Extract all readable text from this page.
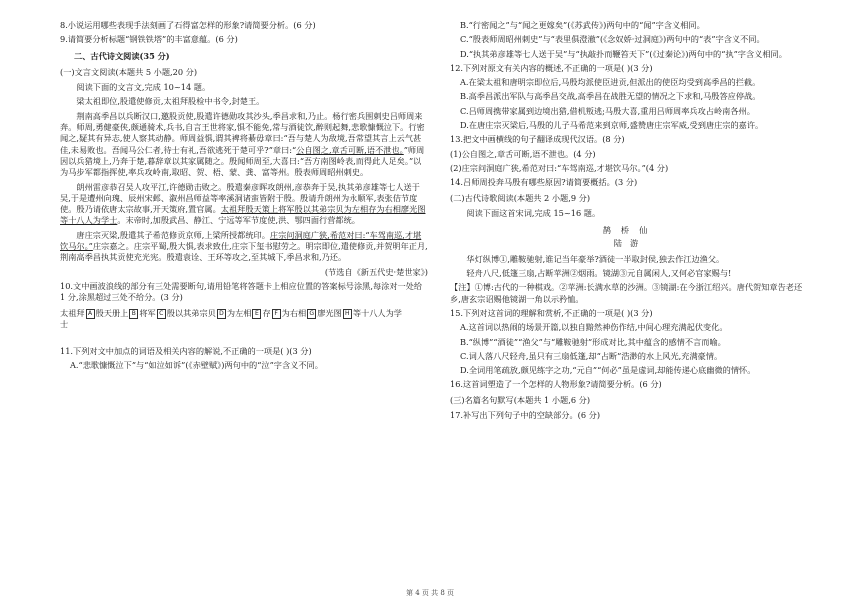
8.小说运用哪些表现手法刻画了石得富怎样的形象?请简要分析。(6 分)

9.请简要分析标题“钢铁铁塔”的丰富意蕴。(6 分)

二、古代诗文阅读(35 分)

(一)文言文阅读(本题共 5 小题,20 分)

阅读下面的文言文,完成 10~14 题。

梁太祖即位,股遣使修贡,太祖拜股检中书令,封楚王。

荆南高季昌以兵断汉口,邀股贡使,股遣许德勋攻其沙头,季昌求和,乃止。杨行密兵围刺史吕师周来奔。师周,勇健豪侠,颇通骑术,兵书,自言王世将家,惧不能免,常与酒徒饮,醉则起舞,悲歌慷慨泣下。行密闻之,疑其有异志,使人察其动静。师周益惧,谓其裨将綦毋章曰:“吾与楚人为敌境,吾常望其言上云气甚佳,未易败也。吾闻马公仁者,待士有礼,吾欲逃死于楚可乎?”章曰:“公自图之,章舌可断,语不泄也。”师周因以兵猎境上,乃奔于楚,暮辞章以其家属随之。殷闻师周至,大喜曰:“吾方南图岭表,而得此人足矣。”以为马步军都指挥使,率兵攻岭南,取昭、贺、梧、蒙、龚、富等州。殷表师周昭州刺史。

朗州雷彦恭召吴人攻平江,许德勋击败之。殷遣秦彦晖攻朗州,彦恭奔于吴,执其弟彦雄等七人送于吴,于是遭州向瑰、辰州宋邺、溆州昌师益等率溪洞诸蛮皆附于殷。殷请升朗州为永顺军,表张佶节度使。殷乃请依唐太宗故事,开天策府,置官属。太祖拜殷天策上将军殷以其弟宗贝为左相存为右相廖光图等十八人为学士。末帝时,加殷武昌、静江、宁远等军节度使,洪、鄂四面行营都统。

唐庄宗灭梁,殷遣其子希范修贡京师,上梁所授都统印。庄宗问洞庭广狭,希范对曰:“车驾南巡,才堪饮马尔。”庄宗嘉之。庄宗平蜀,殷大惧,表求致仕,庄宗下玺书慰劳之。明宗即位,遣使修贡,并贺明年正月,荆南高季昌执其贡使充光宪。殷遣袁诠、王环等攻之,至其城下,季昌求和,乃还。

(节选自《新五代史·楚世家》)

10.文中画波浪线的部分有三处需要断句,请用铅笔将答题卡上相应位置的答案标号涂黑,每涂对一处给 1 分,涂黑超过三处不给分。(3 分)

太祖拜 A 殷天册上 B 将军 C 殷以其弟宗贝 D 为左相 E 存 F 为右相 G 廖光图 H 等十八人为学
士

11.下列对文中加点的词语及相关内容的解说,不正确的一项是( )(3 分)

A.“悲歌慷慨泣下”与“如泣如诉”(《赤壁赋》)两句中的“泣”字含义不同。

B.“行密闻之”与“闻之更嫁矣”(《苏武传》)两句中的“闻”字含义相同。

C.“殷表师周昭州刺史”与“表里俱澄澈”(《念奴娇·过洞庭》)两句中的“表”字含义不同。

D.“执其弟彦雄等七人送于吴”与“执敲扑而鞭笞天下”(《过秦论》)两句中的“执”字含义相同。

12.下列对原文有关内容的概述,不正确的一项是( )(3 分)

A.在梁太祖和唐明宗即位后,马殷均派使臣进贡,但派出的使臣均受到高季昌的拦截。

B.高季昌派出军队与高季昌交战,高季昌在战胜无望的情况之下求和,马殷答应停战。

C.吕师周携带家属到边境出猎,借机叛逃;马殷大喜,重用吕师周率兵攻占岭南各州。

D.在唐庄宗灭梁后,马殷的儿子马希范来到京师,盛赞唐庄宗军威,受到唐庄宗的嘉许。

13.把文中画横线的句子翻译成现代汉语。(8 分)

(1)公自图之,章舌可断,语不泄也。(4 分)

(2)庄宗问洞庭广狭,希范对曰:“车驾南巡,才堪饮马尔。”(4 分)

14.吕师周投奔马殷有哪些原因?请简要概括。(3 分)

(二)古代诗歌阅读(本题共 2 小题,9 分)

阅读下面这首宋词,完成 15~16 题。

鹊桥仙

陆游

华灯纵博①,雕鞍驰射,谁记当年豪举?酒徒一半取封侯,独去作江边渔父。

轻舟八尺,低篷三扇,占断苹洲②烟雨。镜湖③元自属闲人,又何必官家赐与!

【注】①博:古代的一种棋戏。②苹洲:长满水草的沙洲。③镜湖:在今浙江绍兴。唐代贺知章告老还乡,唐玄宗诏赐他镜湖一角以示矜恤。

15.下列对这首词的理解和赏析,不正确的一项是( )(3 分)

A.这首词以热闹的场景开篇,以独自黯然神伤作结,中间心理充满起伏变化。

B.“纵博”“酒徒”“渔父”与“雕鞍驰射”形成对比,其中蕴含的感情不言而喻。

C.词人落八尺轻舟,虽只有三扇低篷,却“占断”浩渺的水上风光,充满豪情。

D.全词用笔疏放,颇见练字之功,“元自”“何必”虽是虚词,却能传递心底幽微的情怀。

16.这首词塑造了一个怎样的人物形象?请简要分析。(6 分)

(三)名篇名句默写(本题共 1 小题,6 分)

17.补写出下列句子中的空缺部分。(6 分)

第 4 页 共 8 页
